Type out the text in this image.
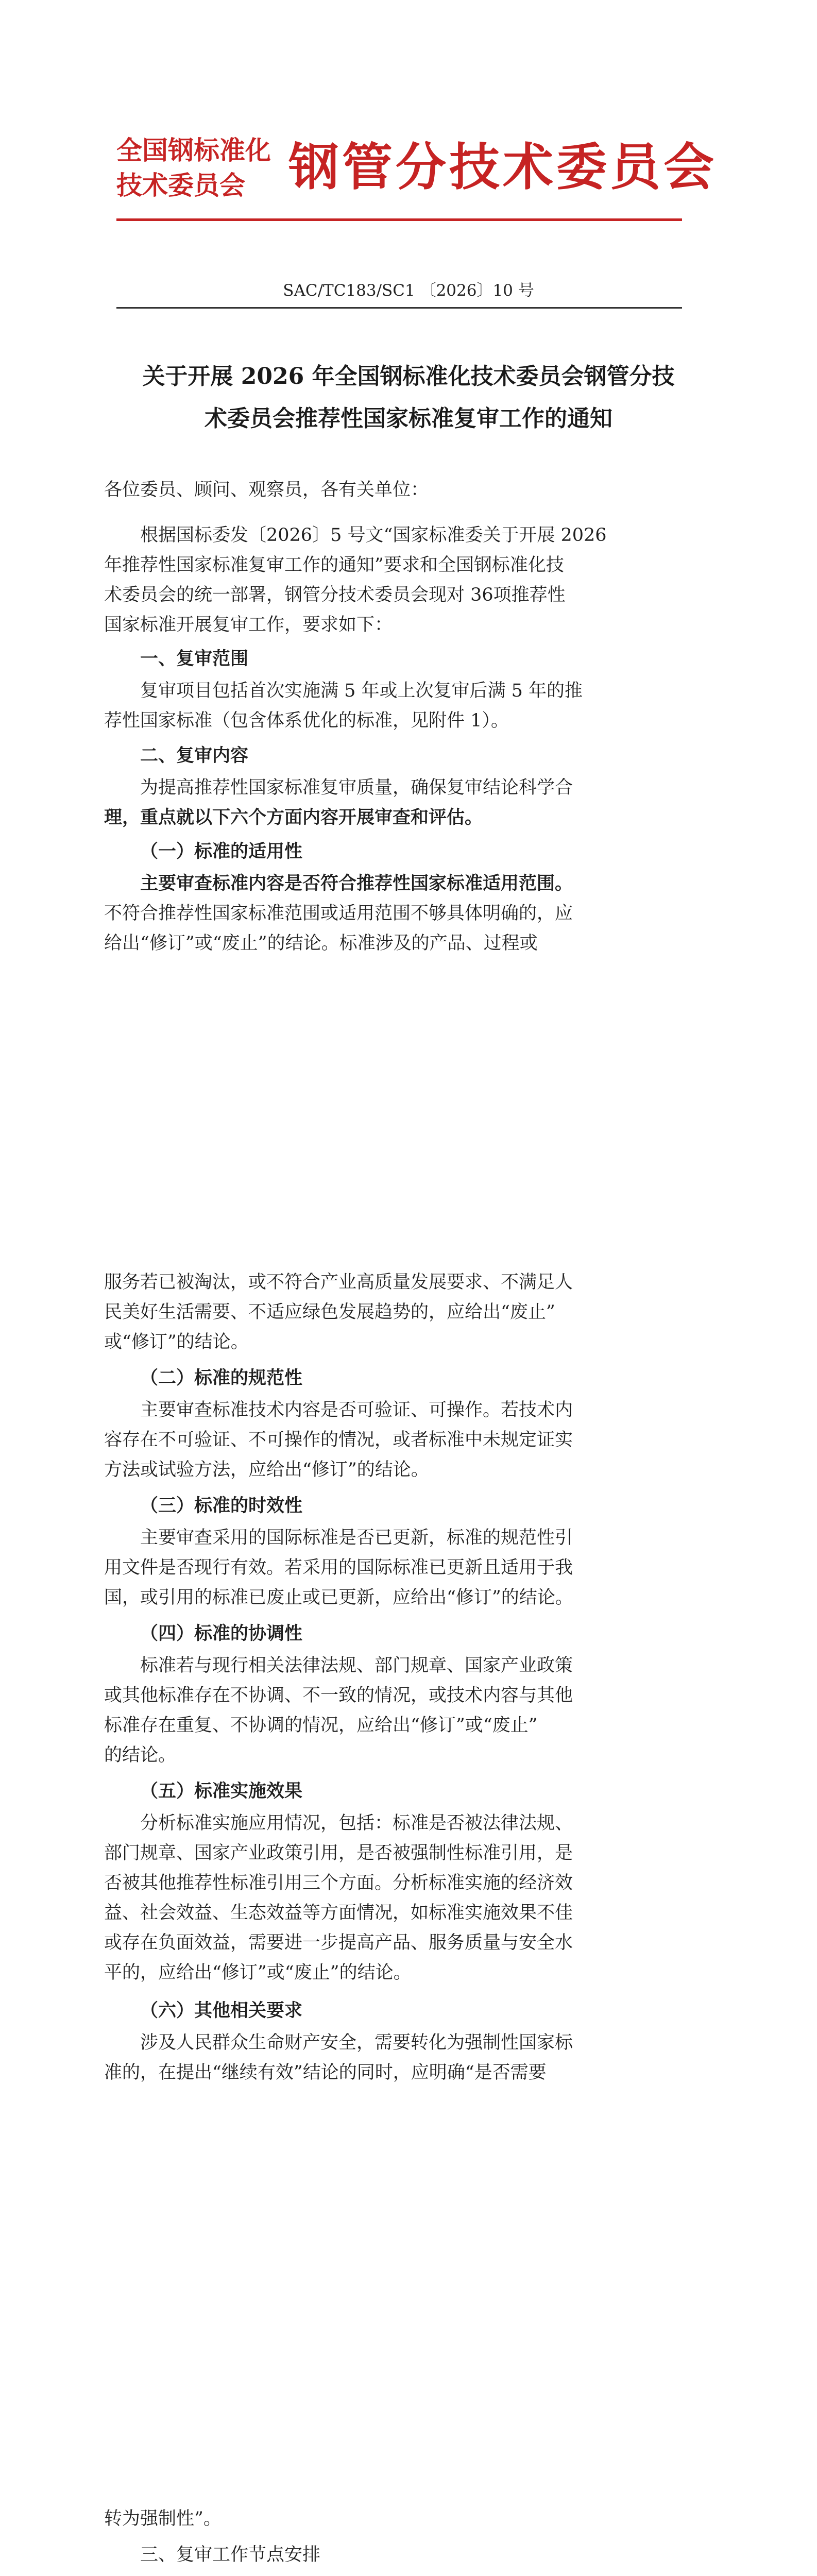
全国钢标准化
技术委员会 钢管分技术委员会
SAC/TC183/SC1 〔2026〕10 号
关于开展 2026 年全国钢标准化技术委员会钢管分技
术委员会推荐性国家标准复审工作的通知
各位委员、顾问、观察员，各有关单位：
根据国标委发〔2026〕5 号文“国家标准委关于开展 2026
年推荐性国家标准复审工作的通知”要求和全国钢标准化技
术委员会的统一部署，钢管分技术委员会现对 36项推荐性
国家标准开展复审工作，要求如下：
一、复审范围
复审项目包括首次实施满 5 年或上次复审后满 5 年的推
荐性国家标准（包含体系优化的标准，见附件 1）。
二、复审内容
为提高推荐性国家标准复审质量，确保复审结论科学合
理，重点就以下六个方面内容开展审查和评估。
（一）标准的适用性
主要审查标准内容是否符合推荐性国家标准适用范围。
不符合推荐性国家标准范围或适用范围不够具体明确的，应
给出“修订”或“废止”的结论。标准涉及的产品、过程或
服务若已被淘汰，或不符合产业高质量发展要求、不满足人
民美好生活需要、不适应绿色发展趋势的，应给出“废止”
或“修订”的结论。
（二）标准的规范性
主要审查标准技术内容是否可验证、可操作。若技术内
容存在不可验证、不可操作的情况，或者标准中未规定证实
方法或试验方法，应给出“修订”的结论。
（三）标准的时效性
主要审查采用的国际标准是否已更新，标准的规范性引
用文件是否现行有效。若采用的国际标准已更新且适用于我
国，或引用的标准已废止或已更新，应给出“修订”的结论。
（四）标准的协调性
标准若与现行相关法律法规、部门规章、国家产业政策
或其他标准存在不协调、不一致的情况，或技术内容与其他
标准存在重复、不协调的情况，应给出“修订”或“废止”
的结论。
（五）标准实施效果
分析标准实施应用情况，包括：标准是否被法律法规、
部门规章、国家产业政策引用，是否被强制性标准引用，是
否被其他推荐性标准引用三个方面。分析标准实施的经济效
益、社会效益、生态效益等方面情况，如标准实施效果不佳
或存在负面效益，需要进一步提高产品、服务质量与安全水
平的，应给出“修订”或“废止”的结论。
（六）其他相关要求
涉及人民群众生命财产安全，需要转化为强制性国家标
准的，在提出“继续有效”结论的同时，应明确“是否需要
转为强制性”。
三、复审工作节点安排
